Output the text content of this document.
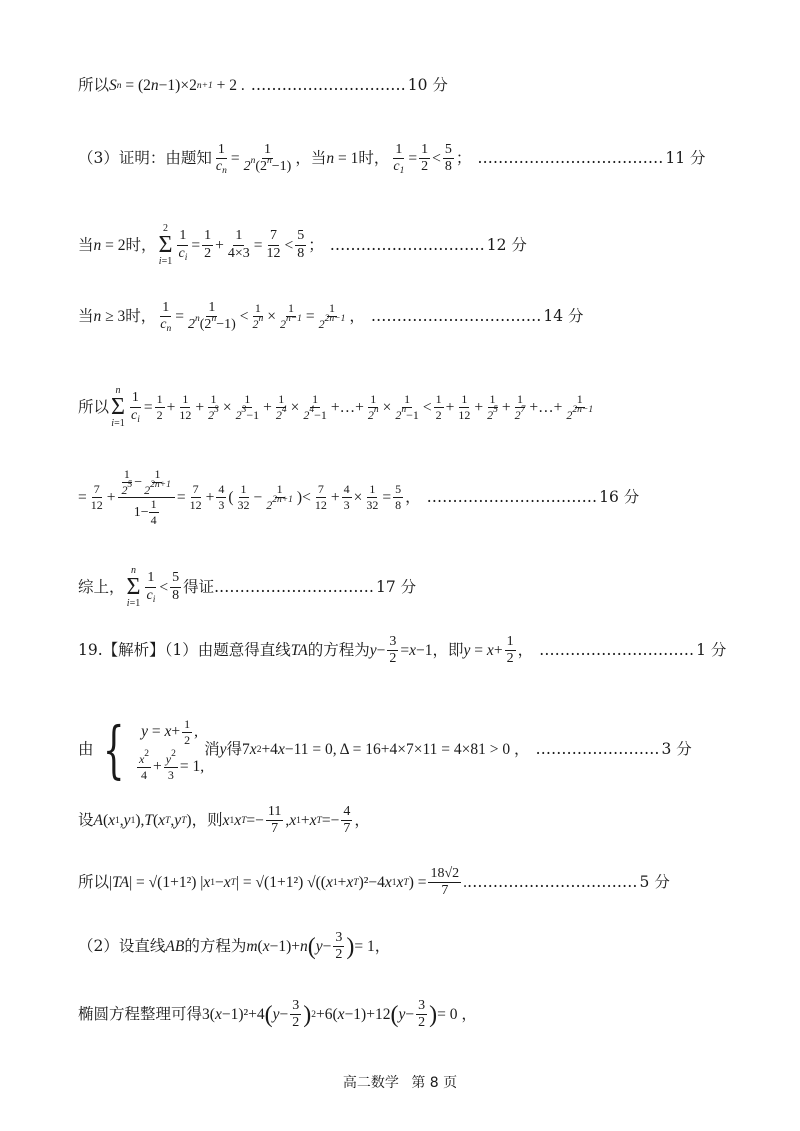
所以 S n
= (2 n −1)×2 n+1 + 2 . ………………………… 10 分
（3）证明：由题知 $\frac{1}{c_n} = \frac{1}{2^n(2^n-1)}$ ，当 n = 1 时， $\frac{1}{c_1} = \frac{1}{2} < \frac{5}{8}$ ； ……………………………… 11 分
当 n = 2 时，
2
Σ
$i=1 \frac{1}{c_i} = \frac{1}{2} + \frac{1}{4\times 3} = \frac{7}{12} < \frac{5}{8}$ ； ………………………… 12 分
当 n ≥ 3 时， $\frac{1}{c_n} = \frac{1}{2^n(2^n-1)} < \frac{1}{2^n} \times \frac{1}{2^{n-1}} = \frac{1}{2^{2n-1}}$ ， …………………………… 14 分
所以
n
Σ
$i=1 \frac{1}{c_i} = \frac{1}{2} + \frac{1}{12} + \frac{1}{2^3} \times \frac{1}{2^3-1} + \frac{1}{2^4} \times \frac{1}{2^4-1}$ +…+ $\frac{1}{2^n} \times \frac{1}{2^n-1} < \frac{1}{2} + \frac{1}{12} + \frac{1}{2^5} + \frac{1}{2^7}$ +…+ $\frac{1}{2^{2n-1}}$
= $\frac{7}{12} + \frac{\frac{1}{2^5} - \frac{1}{2^{2n+1}}}{1- \frac{1}{4}} = \frac{7}{12} + \frac{4}{3}$ ( $\frac{1}{32} - \frac{1}{2^{2n+1}}$ )< $\frac{7}{12} + \frac{4}{3} \times \frac{1}{32} = \frac{5}{8}$ ， …………………………… 16 分
综上，
n
Σ
$i=1 \frac{1}{c_i} < \frac{5}{8}$ 得证. ………………………… 17 分
19.【解析】（1）由题意得直线 TA 的方程为 $y - \frac{3}{2} = x -1$ ，即 $y = x + \frac{1}{2}$ ， ………………………… 1 分
由 { $y = x+ \frac{1}{2}$ ,
$\frac{x^2}{4} + \frac{y^2}{3} = 1$,
消 y 得 7 x 2 +4 x −11 = 0, Δ = 16+4×7×11 = 4×81 > 0 ， …………………… 3 分
设 A ( x 1 , y 1 ), T ( x T , y T ) ，则 x 1 x $T =- \frac{11}{7}$ , x 1 + x $T =- \frac{4}{7}$ ，
所以 | TA | = √(1+1²) | x 1 − x T | = √(1+1²) √(( x 1 + x T )²−4 x 1 x T ) = $\frac{18√2}{7}$ . …………………………… 5 分
（2）设直线 AB 的方程为 m ( x −1)+ n ( $y - \frac{3}{2}$ ) = 1，
椭圆方程整理可得 3( x −1)²+4 ( $y - \frac{3}{2}$ ) 2 +6( x −1)+12 ( $y - \frac{3}{2}$ ) = 0 ，
高二数学 第 8 页
